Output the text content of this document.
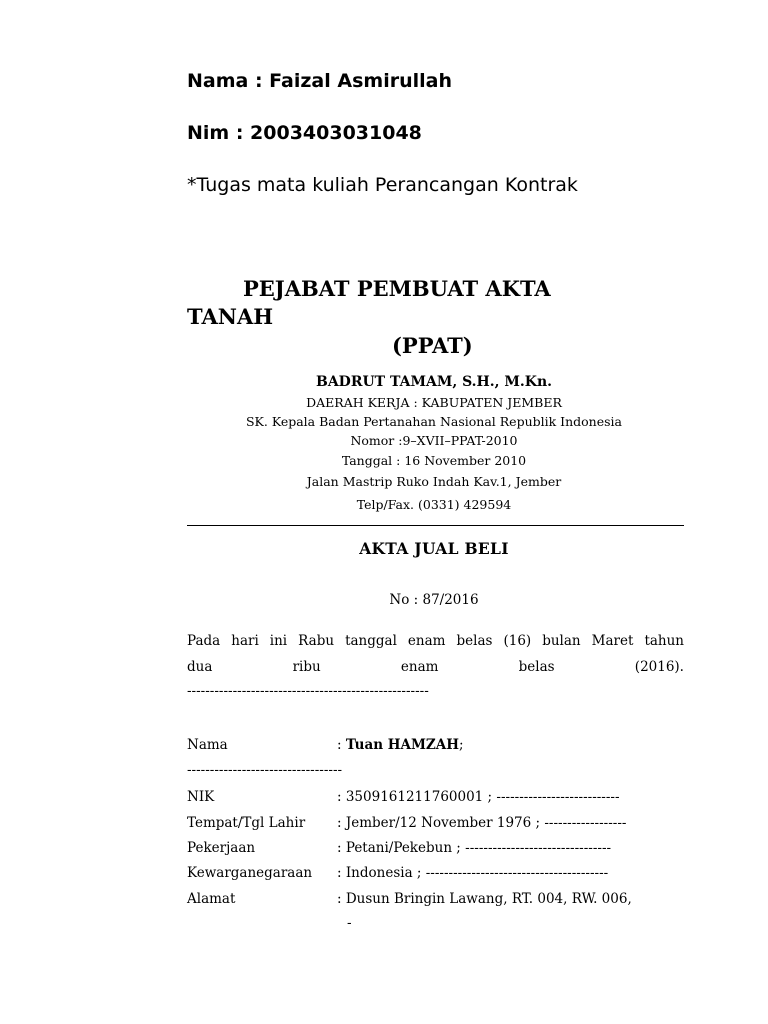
Nama : Faizal Asmirullah
Nim : 2003403031048
*Tugas mata kuliah Perancangan Kontrak
PEJABAT PEMBUAT AKTA
TANAH
(PPAT)
BADRUT TAMAM, S.H., M.Kn.
DAERAH KERJA : KABUPATEN JEMBER
SK. Kepala Badan Pertanahan Nasional Republik Indonesia
Nomor :9–XVII–PPAT-2010
Tanggal : 16 November 2010
Jalan Mastrip Ruko Indah Kav.1, Jember
Telp/Fax. (0331) 429594
AKTA JUAL BELI
No : 87/2016
Pada hari ini Rabu tanggal enam belas (16) bulan Maret tahun
dua	ribu	enam	belas	(2016).
-----------------------------------------------------
Nama	: Tuan HAMZAH;
----------------------------------
NIK	: 3509161211760001 ; ---------------------------
Tempat/Tgl Lahir : Jember/12 November 1976 ; ------------------
Pekerjaan	: Petani/Pekebun ; --------------------------------
Kewarganegaraan : Indonesia ; ----------------------------------------
Alamat	: Dusun Bringin Lawang, RT. 004, RW. 006,
-
